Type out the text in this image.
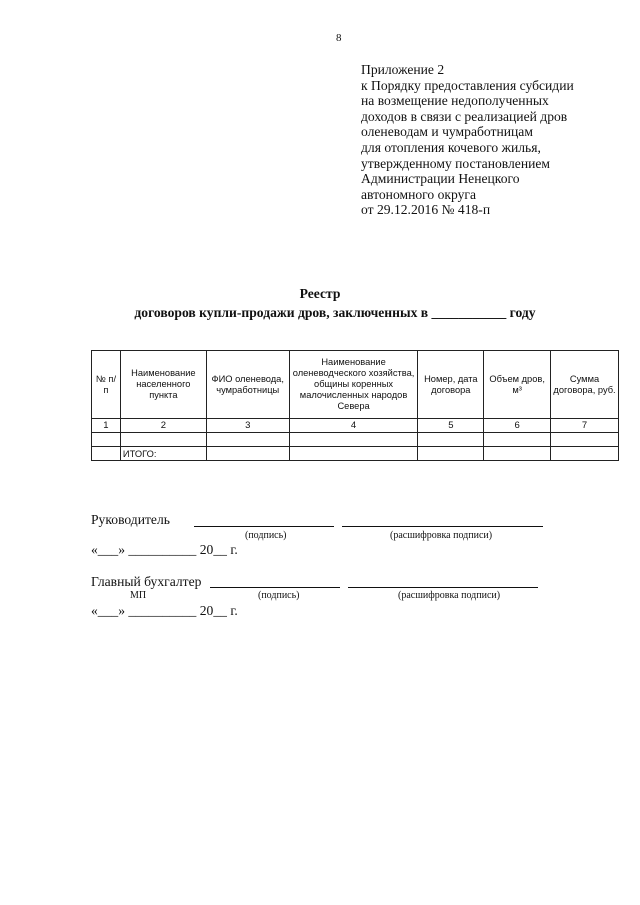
8
Приложение 2
к Порядку предоставления субсидии
на возмещение недополученных
доходов в связи с реализацией дров
оленеводам и чумработницам
для отопления кочевого жилья,
утвержденному постановлением
Администрации Ненецкого
автономного округа
от 29.12.2016 № 418-п
Реестр
договоров купли-продажи дров, заключенных в ___________ году
№ п/п	Наименование населенного пункта	ФИО оленевода, чумработницы	Наименование оленеводческого хозяйства, общины коренных малочисленных народов Севера	Номер, дата договора	Объем дров, м³	Сумма договора, руб.
1	2	3	4	5	6	7

	ИТОГО:					
Руководитель
(подпись)	(расшифровка подписи)
«___» __________ 20__ г.
Главный бухгалтер
МП	(подпись)	(расшифровка подписи)
«___» __________ 20__ г.
